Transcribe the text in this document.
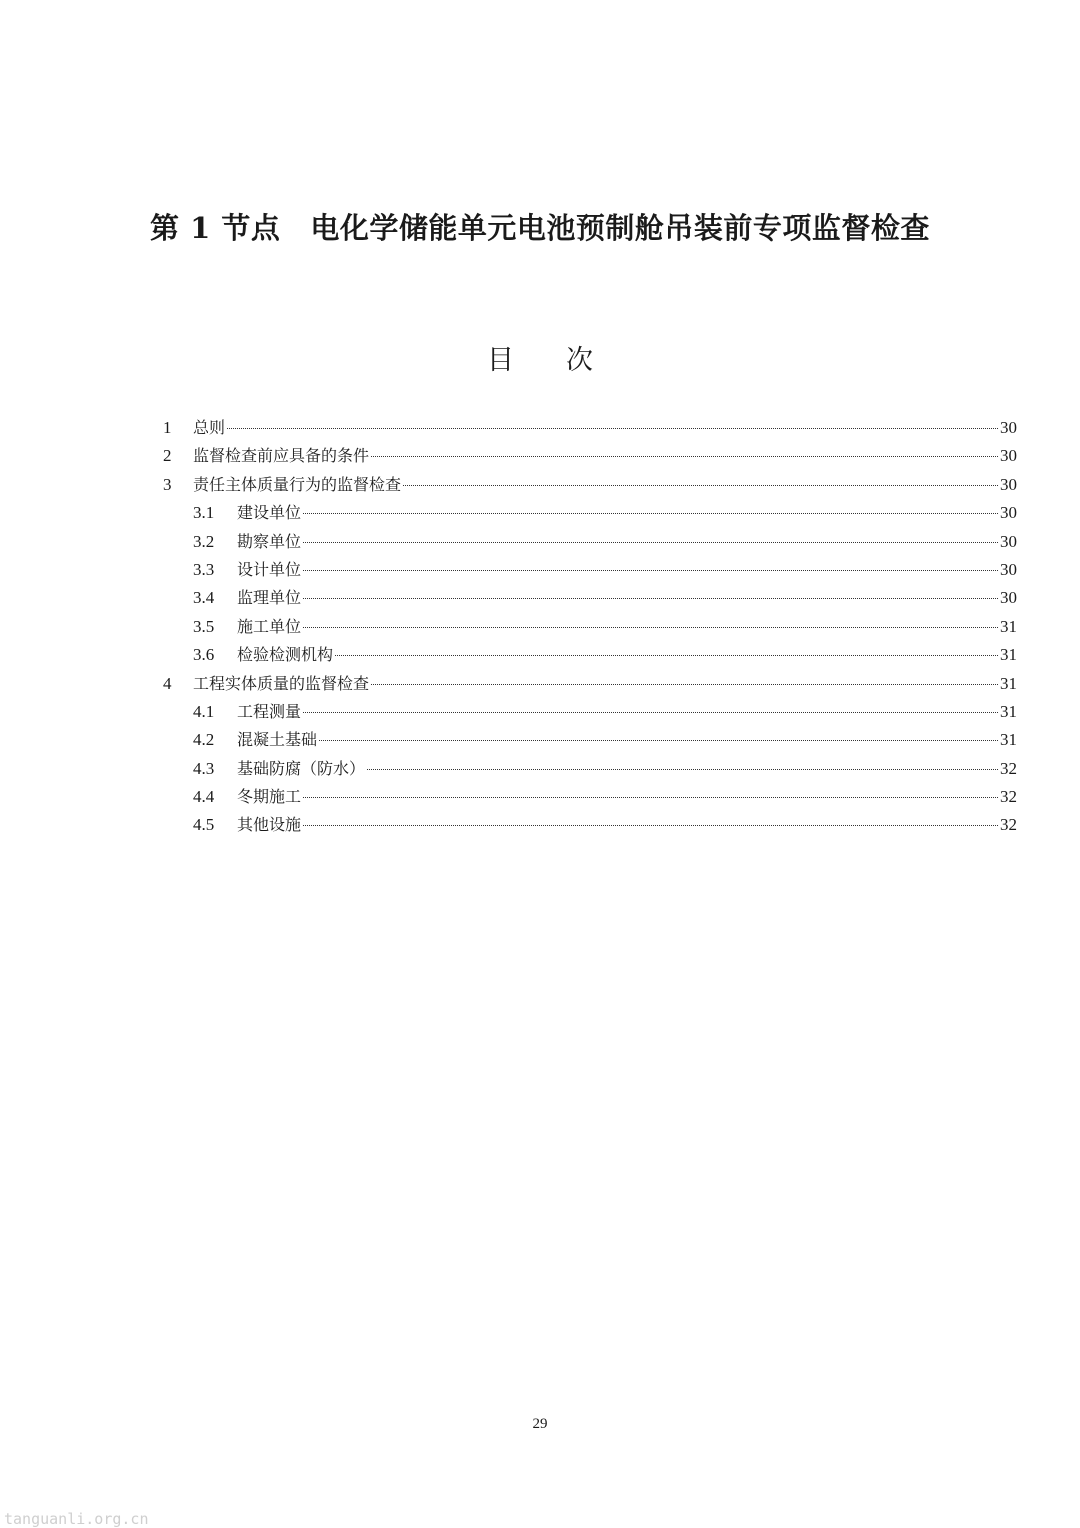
第 1 节点 电化学储能单元电池预制舱吊装前专项监督检查
目 次
1	总则	30
2	监督检查前应具备的条件	30
3	责任主体质量行为的监督检查	30
3.1	建设单位	30
3.2	勘察单位	30
3.3	设计单位	30
3.4	监理单位	30
3.5	施工单位	31
3.6	检验检测机构	31
4	工程实体质量的监督检查	31
4.1	工程测量	31
4.2	混凝土基础	31
4.3	基础防腐（防水）	32
4.4	冬期施工	32
4.5	其他设施	32
29
tanguanli.org.cn
